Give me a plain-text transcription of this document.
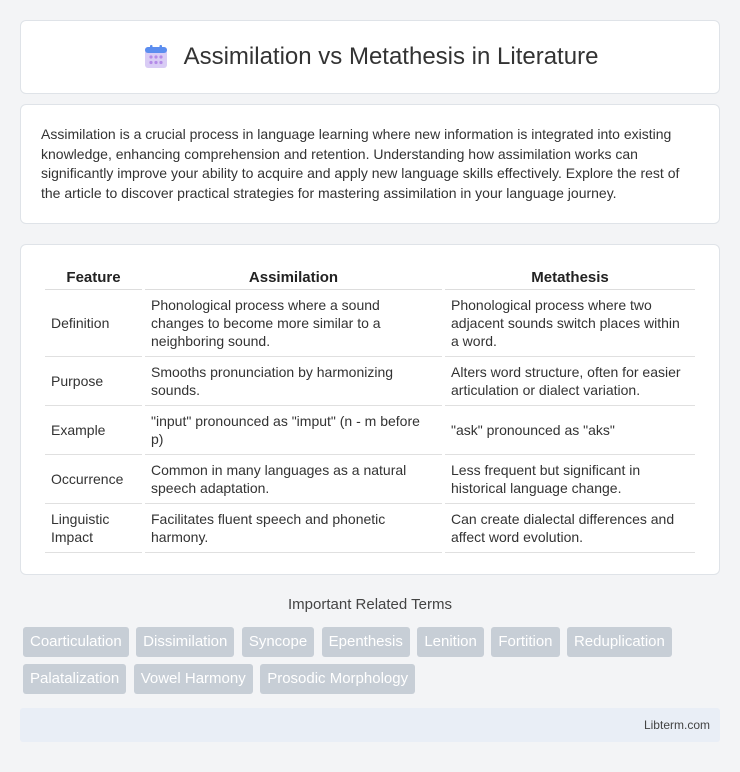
Assimilation vs Metathesis in Literature

Assimilation is a crucial process in language learning where new information is integrated into existing knowledge, enhancing comprehension and retention. Understanding how assimilation works can significantly improve your ability to acquire and apply new language skills effectively. Explore the rest of the article to discover practical strategies for mastering assimilation in your language journey.

Feature	Assimilation	Metathesis
Definition	Phonological process where a sound changes to become more similar to a neighboring sound.	Phonological process where two adjacent sounds switch places within a word.
Purpose	Smooths pronunciation by harmonizing sounds.	Alters word structure, often for easier articulation or dialect variation.
Example	"input" pronounced as "imput" (n - m before p)	"ask" pronounced as "aks"
Occurrence	Common in many languages as a natural speech adaptation.	Less frequent but significant in historical language change.
Linguistic Impact	Facilitates fluent speech and phonetic harmony.	Can create dialectal differences and affect word evolution.
Important Related Terms
Coarticulation Dissimilation Syncope Epenthesis Lenition Fortition Reduplication Palatalization Vowel Harmony Prosodic Morphology
Libterm.com
